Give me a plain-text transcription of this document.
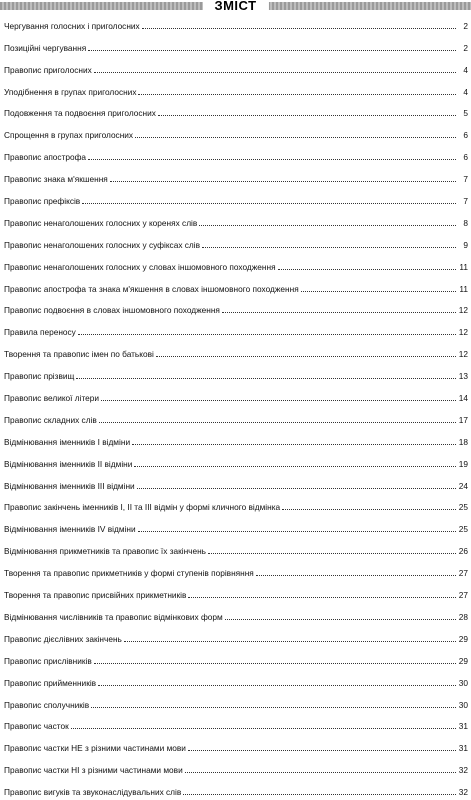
ЗМІСТ
Чергування голосних і приголосних	2
Позиційні чергування	2
Правопис приголосних	4
Уподібнення в групах приголосних	4
Подовження та подвоєння приголосних	5
Спрощення в групах приголосних	6
Правопис апострофа	6
Правопис знака м'якшення	7
Правопис префіксів	7
Правопис ненаголошених голосних у коренях слів	8
Правопис ненаголошених голосних у суфіксах слів	9
Правопис ненаголошених голосних у словах іншомовного походження	11
Правопис апострофа та знака м'якшення в словах іншомовного походження	11
Правопис подвоєння в словах іншомовного походження	12
Правила переносу	12
Творення та правопис імен по батькові	12
Правопис прізвищ	13
Правопис великої літери	14
Правопис складних слів	17
Відмінювання іменників І відміни	18
Відмінювання іменників ІІ відміни	19
Відмінювання іменників ІІІ відміни	24
Правопис закінчень іменників І, ІІ та ІІІ відмін у формі кличного відмінка	25
Відмінювання іменників IV відміни	25
Відмінювання прикметників та правопис їх закінчень	26
Творення та правопис прикметників у формі ступенів порівняння	27
Творення та правопис присвійних прикметників	27
Відмінювання числівників та правопис відмінкових форм	28
Правопис дієслівних закінчень	29
Правопис прислівників	29
Правопис прийменників	30
Правопис сполучників	30
Правопис часток	31
Правопис частки НЕ з різними частинами мови	31
Правопис частки НІ з різними частинами мови	32
Правопис вигуків та звуконаслідувальних слів	32
